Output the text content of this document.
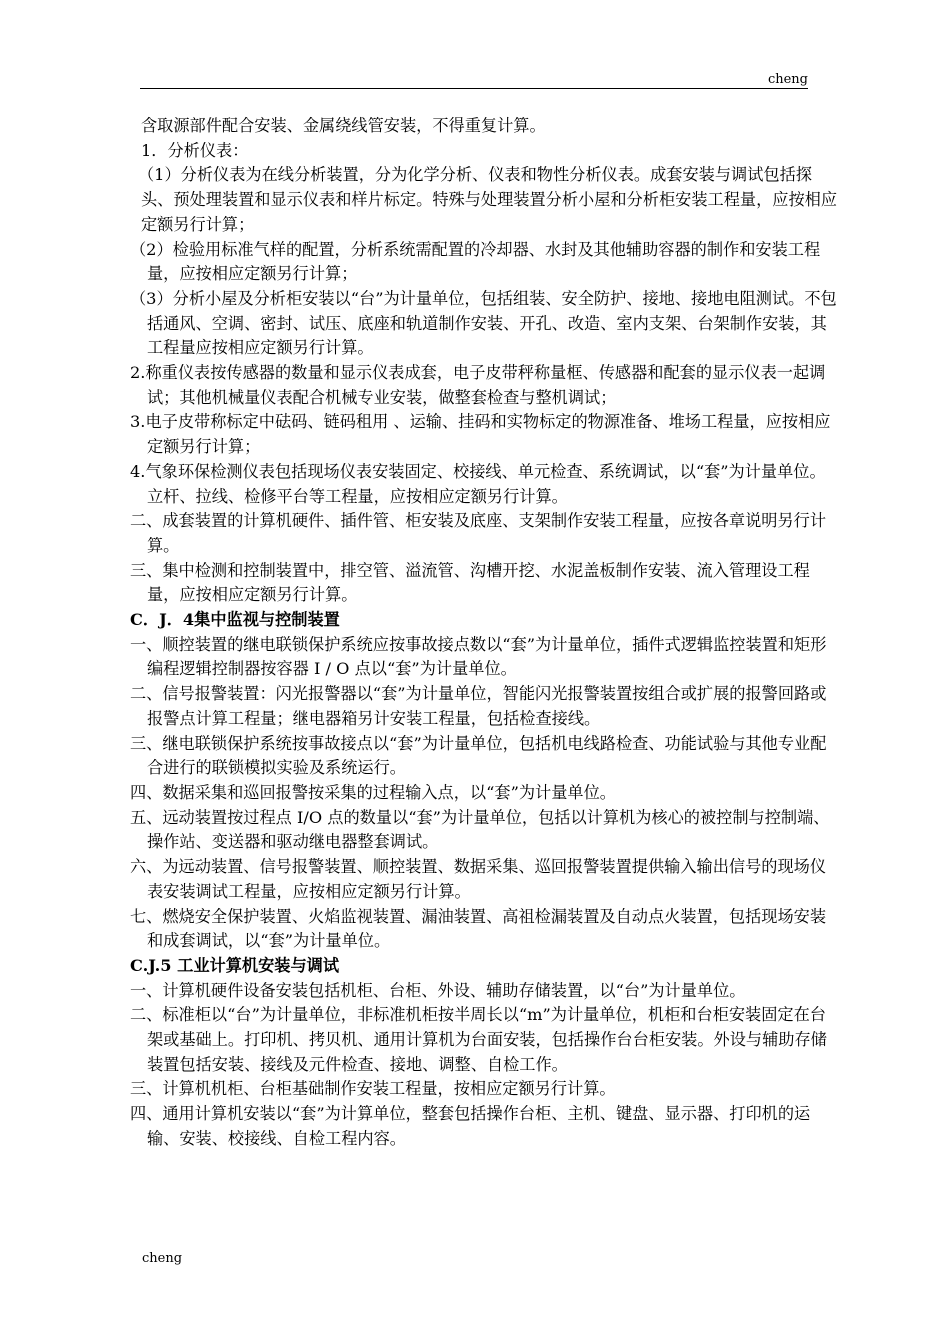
cheng

含取源部件配合安装、金属绕线管安装，不得重复计算。

1．分析仪表：

（1）分析仪表为在线分析装置，分为化学分析、仪表和物性分析仪表。成套安装与调试包括探头、预处理装置和显示仪表和样片标定。特殊与处理装置分析小屋和分析柜安装工程量，应按相应定额另行计算；

（2）检验用标准气样的配置，分析系统需配置的冷却器、水封及其他辅助容器的制作和安装工程量，应按相应定额另行计算；

（3）分析小屋及分析柜安装以“台”为计量单位，包括组装、安全防护、接地、接地电阻测试。不包括通风、空调、密封、试压、底座和轨道制作安装、开孔、改造、室内支架、台架制作安装，其工程量应按相应定额另行计算。

2.称重仪表按传感器的数量和显示仪表成套，电子皮带秤称量框、传感器和配套的显示仪表一起调试；其他机械量仪表配合机械专业安装，做整套检查与整机调试；

3.电子皮带称标定中砝码、链码租用 、运输、挂码和实物标定的物源准备、堆场工程量，应按相应定额另行计算；

4.气象环保检测仪表包括现场仪表安装固定、校接线、单元检查、系统调试，以“套”为计量单位。立杆、拉线、检修平台等工程量，应按相应定额另行计算。

二、成套装置的计算机硬件、插件管、柜安装及底座、支架制作安装工程量，应按各章说明另行计算。

三、集中检测和控制装置中，排空管、溢流管、沟槽开挖、水泥盖板制作安装、流入管理设工程量，应按相应定额另行计算。

C．J．4集中监视与控制装置

一、顺控装置的继电联锁保护系统应按事故接点数以“套”为计量单位，插件式逻辑监控装置和矩形编程逻辑控制器按容器 I / O 点以“套”为计量单位。

二、信号报警装置：闪光报警器以“套”为计量单位，智能闪光报警装置按组合或扩展的报警回路或报警点计算工程量；继电器箱另计安装工程量，包括检查接线。

三、继电联锁保护系统按事故接点以“套”为计量单位，包括机电线路检查、功能试验与其他专业配合进行的联锁模拟实验及系统运行。

四、数据采集和巡回报警按采集的过程输入点，以“套”为计量单位。

五、远动装置按过程点 I/O 点的数量以“套”为计量单位，包括以计算机为核心的被控制与控制端、操作站、变送器和驱动继电器整套调试。

六、为远动装置、信号报警装置、顺控装置、数据采集、巡回报警装置提供输入输出信号的现场仪表安装调试工程量，应按相应定额另行计算。

七、燃烧安全保护装置、火焰监视装置、漏油装置、高祖检漏装置及自动点火装置，包括现场安装和成套调试，以“套”为计量单位。

C.J.5 工业计算机安装与调试

一、计算机硬件设备安装包括机柜、台柜、外设、辅助存储装置，以“台”为计量单位。

二、标准柜以“台”为计量单位，非标准机柜按半周长以“m”为计量单位，机柜和台柜安装固定在台架或基础上。打印机、拷贝机、通用计算机为台面安装，包括操作台台柜安装。外设与辅助存储装置包括安装、接线及元件检查、接地、调整、自检工作。

三、计算机机柜、台柜基础制作安装工程量，按相应定额另行计算。

四、通用计算机安装以“套”为计算单位，整套包括操作台柜、主机、键盘、显示器、打印机的运输、安装、校接线、自检工程内容。

cheng
